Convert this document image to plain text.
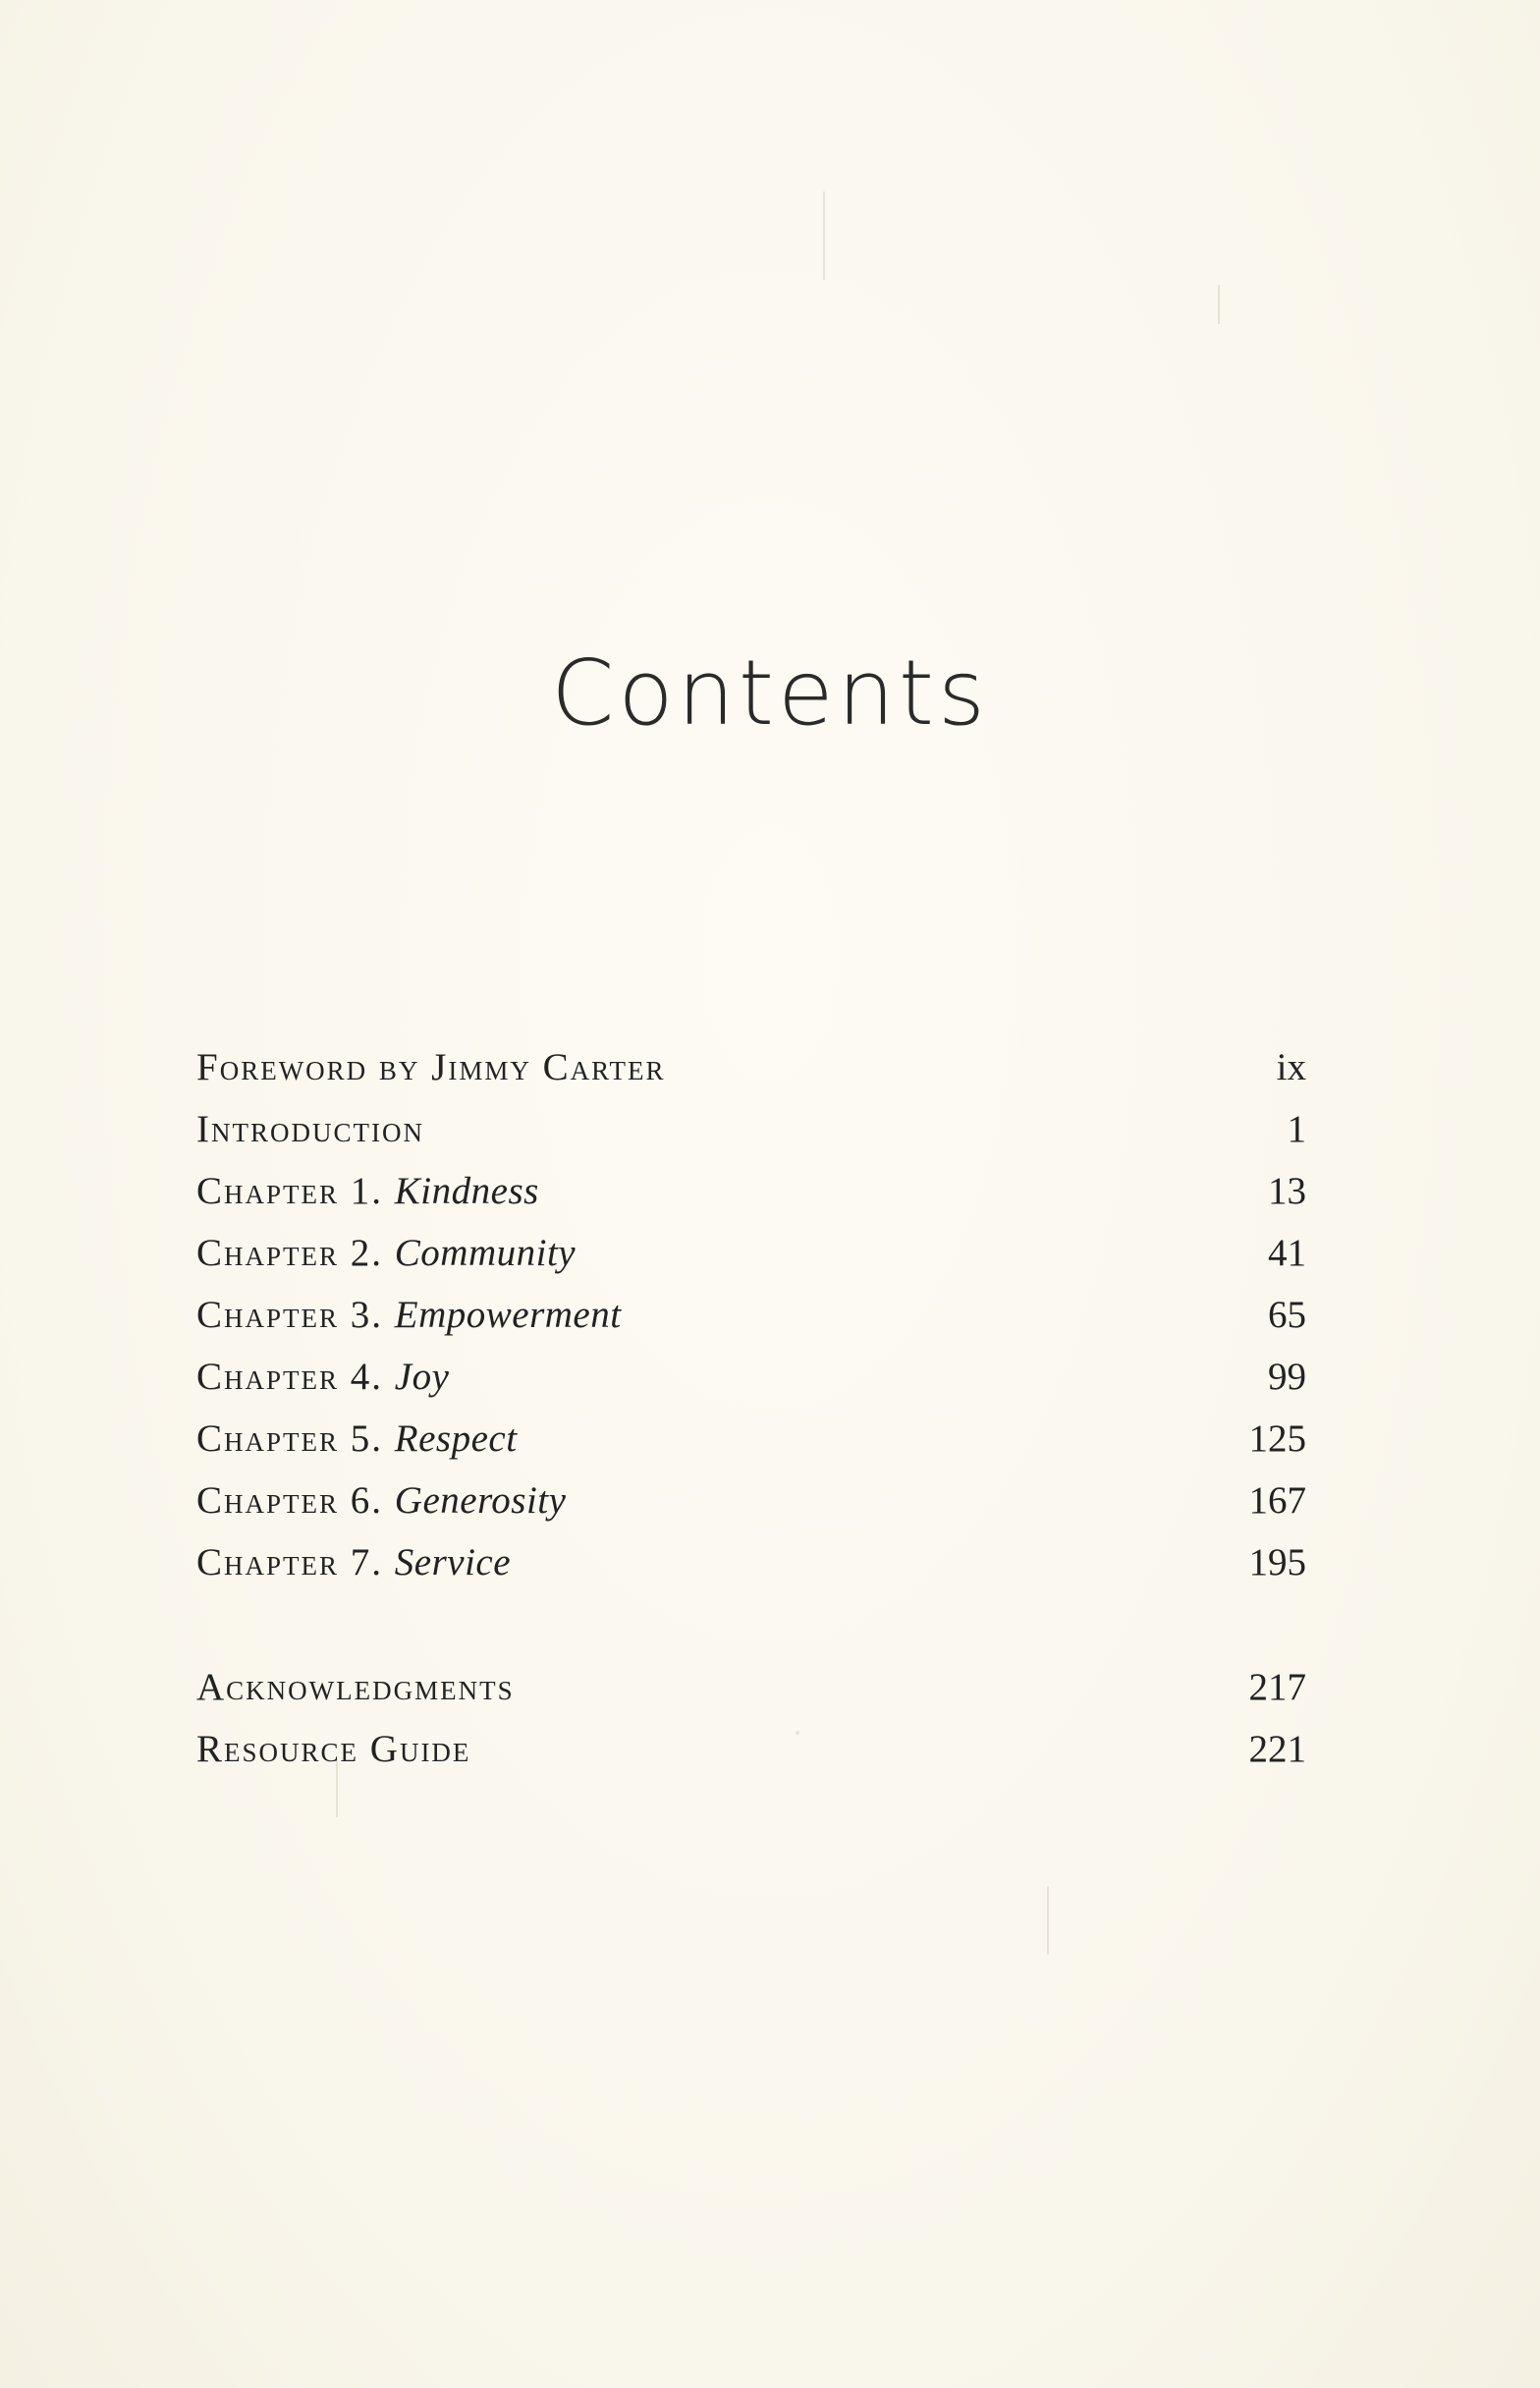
Contents
Foreword by Jimmy Carter	ix
Introduction	1
Chapter 1. Kindness	13
Chapter 2. Community	41
Chapter 3. Empowerment	65
Chapter 4. Joy	99
Chapter 5. Respect	125
Chapter 6. Generosity	167
Chapter 7. Service	195
Acknowledgments	217
Resource Guide	221
